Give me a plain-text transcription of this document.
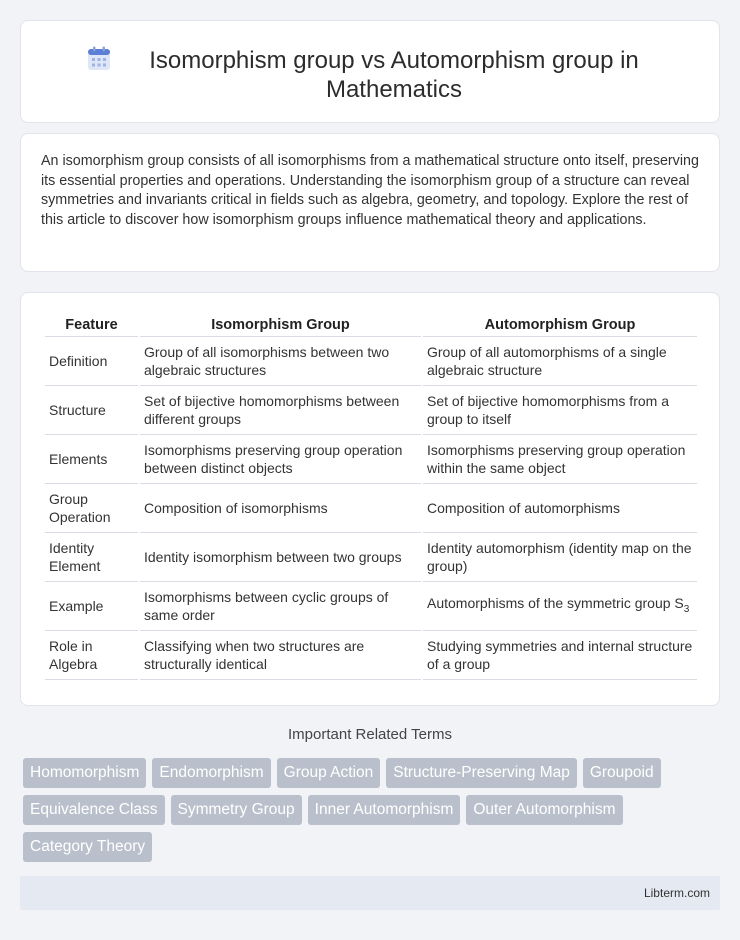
Isomorphism group vs Automorphism group in Mathematics

An isomorphism group consists of all isomorphisms from a mathematical structure onto itself, preserving its essential properties and operations. Understanding the isomorphism group of a structure can reveal symmetries and invariants critical in fields such as algebra, geometry, and topology. Explore the rest of this article to discover how isomorphism groups influence mathematical theory and applications.

Feature	Isomorphism Group	Automorphism Group
Definition	Group of all isomorphisms between two algebraic structures	Group of all automorphisms of a single algebraic structure
Structure	Set of bijective homomorphisms between different groups	Set of bijective homomorphisms from a group to itself
Elements	Isomorphisms preserving group operation between distinct objects	Isomorphisms preserving group operation within the same object
Group Operation	Composition of isomorphisms	Composition of automorphisms
Identity Element	Identity isomorphism between two groups	Identity automorphism (identity map on the group)
Example	Isomorphisms between cyclic groups of same order	Automorphisms of the symmetric group $S_3$
Role in Algebra	Classifying when two structures are structurally identical	Studying symmetries and internal structure of a group
Important Related Terms
Homomorphism	Endomorphism	Group Action	Structure-Preserving Map	Groupoid
Equivalence Class	Symmetry Group	Inner Automorphism	Outer Automorphism
Category Theory
Libterm.com
